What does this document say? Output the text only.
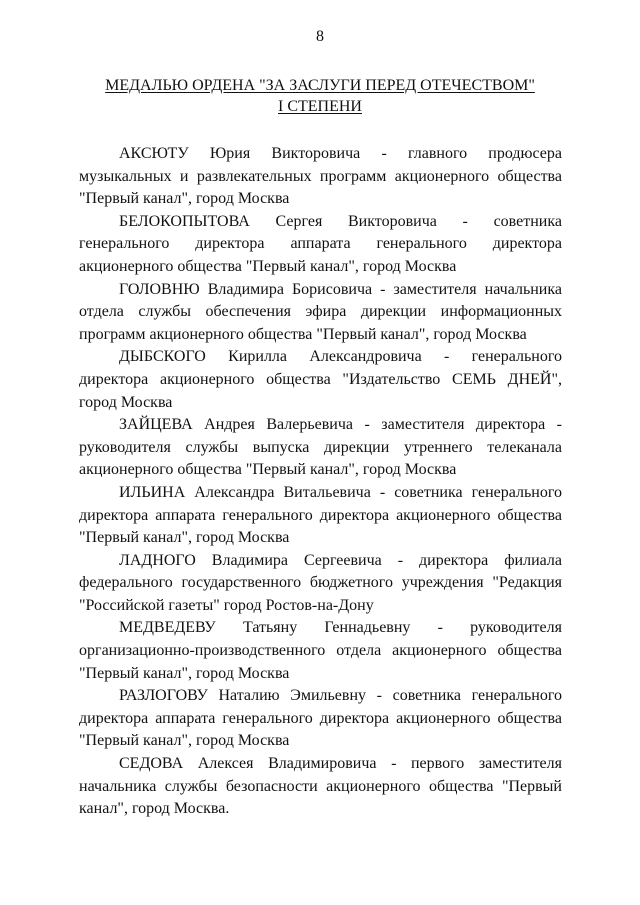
8
МЕДАЛЬЮ ОРДЕНА "ЗА ЗАСЛУГИ ПЕРЕД ОТЕЧЕСТВОМ"
I СТЕПЕНИ

АКСЮТУ Юрия Викторовича - главного продюсера музыкальных и развлекательных программ акционерного общества "Первый канал", город Москва

БЕЛОКОПЫТОВА Сергея Викторовича - советника генерального директора аппарата генерального директора акционерного общества "Первый канал", город Москва

ГОЛОВНЮ Владимира Борисовича - заместителя начальника отдела службы обеспечения эфира дирекции информационных программ акционерного общества "Первый канал", город Москва

ДЫБСКОГО Кирилла Александровича - генерального директора акционерного общества "Издательство СЕМЬ ДНЕЙ", город Москва

ЗАЙЦЕВА Андрея Валерьевича - заместителя директора - руководителя службы выпуска дирекции утреннего телеканала акционерного общества "Первый канал", город Москва

ИЛЬИНА Александра Витальевича - советника генерального директора аппарата генерального директора акционерного общества "Первый канал", город Москва

ЛАДНОГО Владимира Сергеевича - директора филиала федерального государственного бюджетного учреждения "Редакция "Российской газеты" город Ростов-на-Дону

МЕДВЕДЕВУ Татьяну Геннадьевну - руководителя организационно-производственного отдела акционерного общества "Первый канал", город Москва

РАЗЛОГОВУ Наталию Эмильевну - советника генерального директора аппарата генерального директора акционерного общества "Первый канал", город Москва

СЕДОВА Алексея Владимировича - первого заместителя начальника службы безопасности акционерного общества "Первый канал", город Москва.
